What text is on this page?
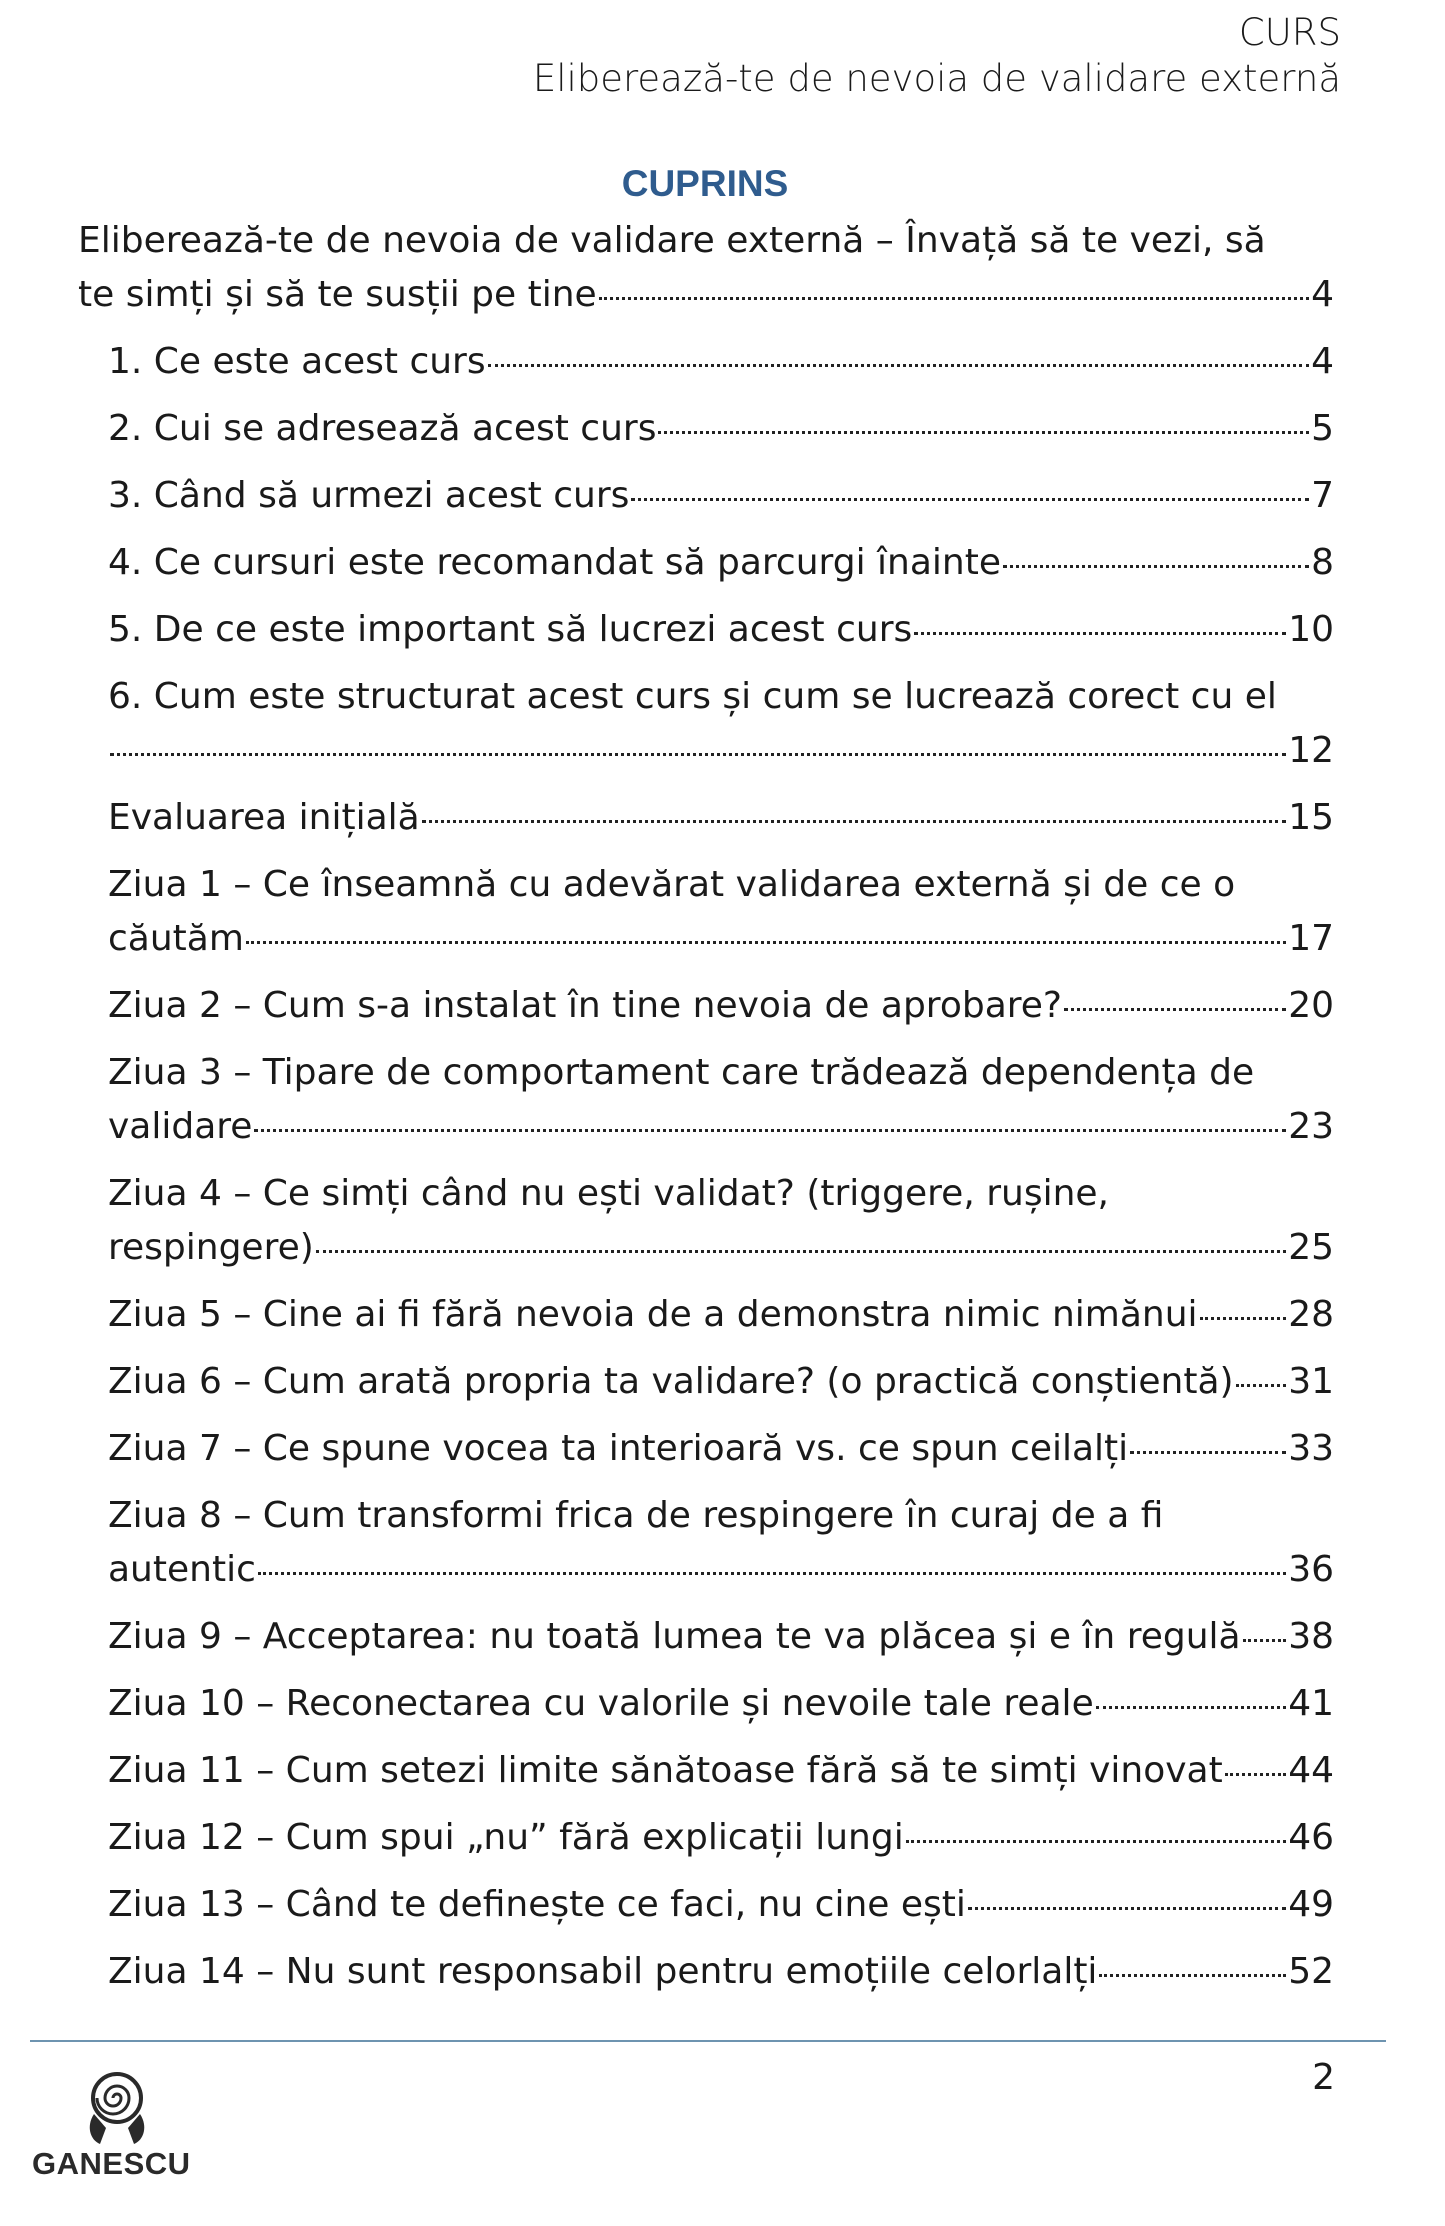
CURS
Eliberează-te de nevoia de validare externă
CUPRINS
Eliberează-te de nevoia de validare externă – Învață să te vezi, să
te simți și să te susții pe tine	4
1. Ce este acest curs	4
2. Cui se adresează acest curs	5
3. Când să urmezi acest curs	7
4. Ce cursuri este recomandat să parcurgi înainte	8
5. De ce este important să lucrezi acest curs	10
6. Cum este structurat acest curs și cum se lucrează corect cu el
12
Evaluarea inițială	15
Ziua 1 – Ce înseamnă cu adevărat validarea externă și de ce o
căutăm	17
Ziua 2 – Cum s-a instalat în tine nevoia de aprobare?	20
Ziua 3 – Tipare de comportament care trădează dependența de
validare	23
Ziua 4 – Ce simți când nu ești validat? (triggere, rușine,
respingere)	25
Ziua 5 – Cine ai fi fără nevoia de a demonstra nimic nimănui	28
Ziua 6 – Cum arată propria ta validare? (o practică conștientă) 31
Ziua 7 – Ce spune vocea ta interioară vs. ce spun ceilalți	33
Ziua 8 – Cum transformi frica de respingere în curaj de a fi
autentic	36
Ziua 9 – Acceptarea: nu toată lumea te va plăcea și e în regulă 38
Ziua 10 – Reconectarea cu valorile și nevoile tale reale	41
Ziua 11 – Cum setezi limite sănătoase fără să te simți vinovat 44
Ziua 12 – Cum spui „nu” fără explicații lungi	46
Ziua 13 – Când te definește ce faci, nu cine ești	49
Ziua 14 – Nu sunt responsabil pentru emoțiile celorlalți	52
2
GANESCU
